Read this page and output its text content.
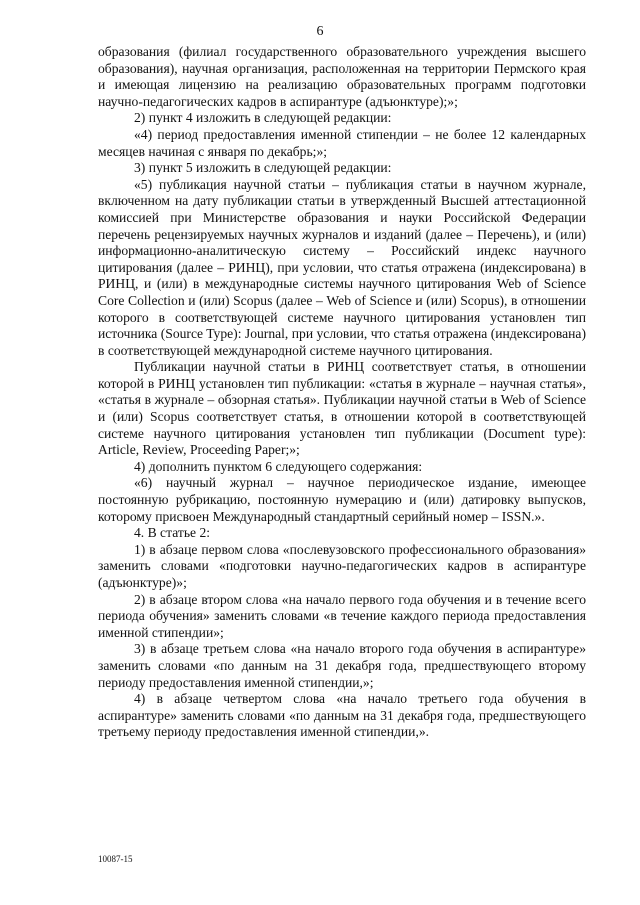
6

образования (филиал государственного образовательного учреждения высшего образования), научная организация, расположенная на территории Пермского края и имеющая лицензию на реализацию образовательных программ подготовки научно-педагогических кадров в аспирантуре (адъюнктуре);»;

2) пункт 4 изложить в следующей редакции:

«4) период предоставления именной стипендии – не более 12 календарных месяцев начиная с января по декабрь;»;

3) пункт 5 изложить в следующей редакции:

«5) публикация научной статьи – публикация статьи в научном журнале, включенном на дату публикации статьи в утвержденный Высшей аттестационной комиссией при Министерстве образования и науки Российской Федерации перечень рецензируемых научных журналов и изданий (далее – Перечень), и (или) информационно-аналитическую систему – Российский индекс научного цитирования (далее – РИНЦ), при условии, что статья отражена (индексирована) в РИНЦ, и (или) в международные системы научного цитирования Web of Science Core Collection и (или) Scopus (далее – Web of Science и (или) Scopus), в отношении которого в соответствующей системе научного цитирования установлен тип источника (Source Type): Journal, при условии, что статья отражена (индексирована) в соответствующей международной системе научного цитирования.

Публикации научной статьи в РИНЦ соответствует статья, в отношении которой в РИНЦ установлен тип публикации: «статья в журнале – научная статья», «статья в журнале – обзорная статья». Публикации научной статьи в Web of Science и (или) Scopus соответствует статья, в отношении которой в соответствующей системе научного цитирования установлен тип публикации (Document type): Article, Review, Proceeding Paper;»;

4) дополнить пунктом 6 следующего содержания:

«6) научный журнал – научное периодическое издание, имеющее постоянную рубрикацию, постоянную нумерацию и (или) датировку выпусков, которому присвоен Международный стандартный серийный номер – ISSN.».

4. В статье 2:

1) в абзаце первом слова «послевузовского профессионального образования» заменить словами «подготовки научно-педагогических кадров в аспирантуре (адъюнктуре)»;

2) в абзаце втором слова «на начало первого года обучения и в течение всего периода обучения» заменить словами «в течение каждого периода предоставления именной стипендии»;

3) в абзаце третьем слова «на начало второго года обучения в аспирантуре» заменить словами «по данным на 31 декабря года, предшествующего второму периоду предоставления именной стипендии,»;

4) в абзаце четвертом слова «на начало третьего года обучения в аспирантуре» заменить словами «по данным на 31 декабря года, предшествующего третьему периоду предоставления именной стипендии,».

10087-15
